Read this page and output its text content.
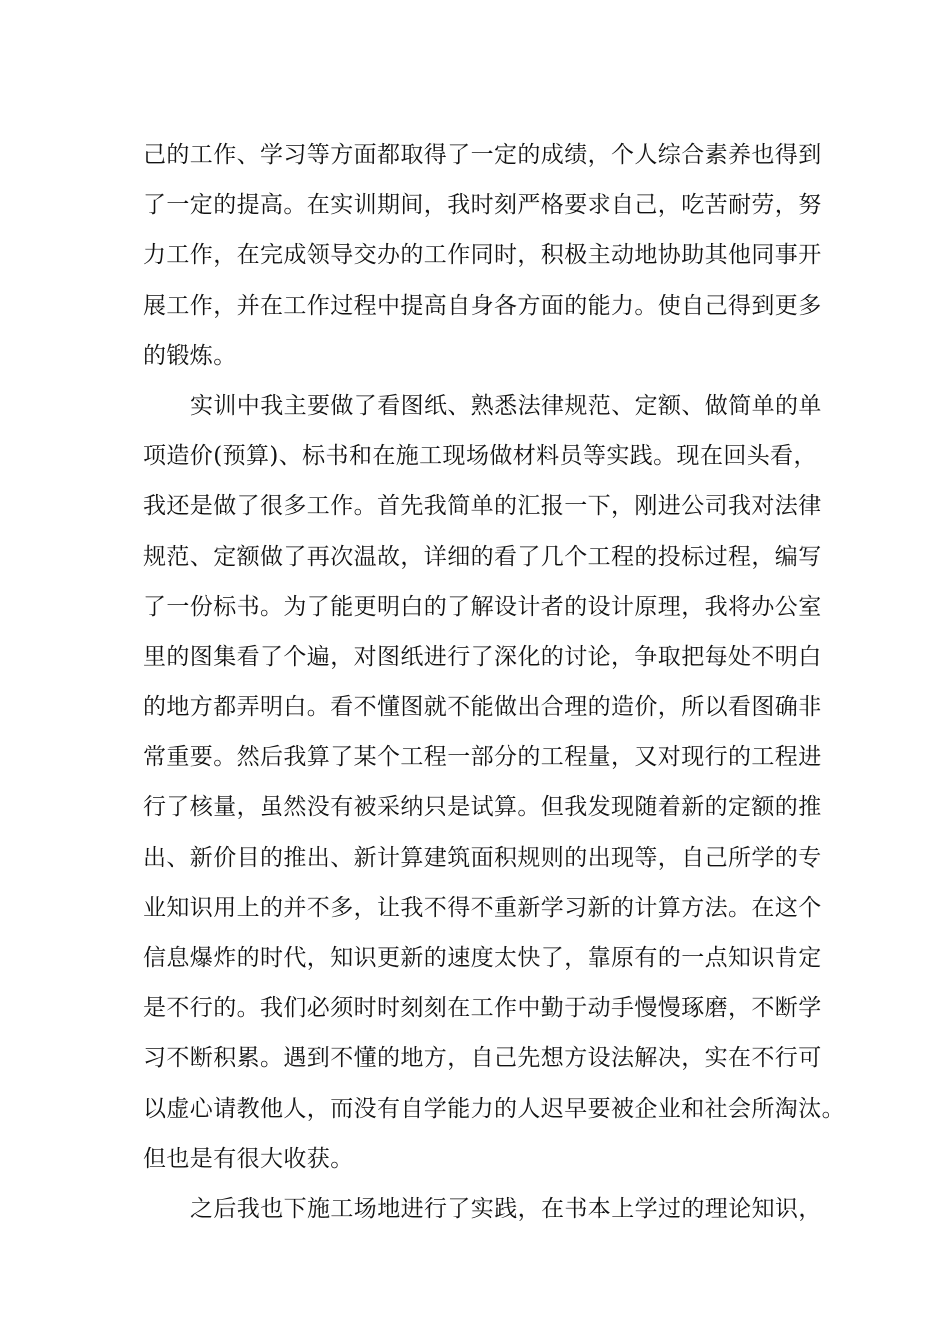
己的工作、学习等方面都取得了一定的成绩，个人综合素养也得到
了一定的提高。在实训期间，我时刻严格要求自己，吃苦耐劳，努
力工作，在完成领导交办的工作同时，积极主动地协助其他同事开
展工作，并在工作过程中提高自身各方面的能力。使自己得到更多
的锻炼。
实训中我主要做了看图纸、熟悉法律规范、定额、做简单的单
项造价(预算)、标书和在施工现场做材料员等实践。现在回头看，
我还是做了很多工作。首先我简单的汇报一下，刚进公司我对法律
规范、定额做了再次温故，详细的看了几个工程的投标过程，编写
了一份标书。为了能更明白的了解设计者的设计原理，我将办公室
里的图集看了个遍，对图纸进行了深化的讨论，争取把每处不明白
的地方都弄明白。看不懂图就不能做出合理的造价，所以看图确非
常重要。然后我算了某个工程一部分的工程量，又对现行的工程进
行了核量，虽然没有被采纳只是试算。但我发现随着新的定额的推
出、新价目的推出、新计算建筑面积规则的出现等，自己所学的专
业知识用上的并不多，让我不得不重新学习新的计算方法。在这个
信息爆炸的时代，知识更新的速度太快了，靠原有的一点知识肯定
是不行的。我们必须时时刻刻在工作中勤于动手慢慢琢磨，不断学
习不断积累。遇到不懂的地方，自己先想方设法解决，实在不行可
以虚心请教他人，而没有自学能力的人迟早要被企业和社会所淘汰。
但也是有很大收获。
之后我也下施工场地进行了实践，在书本上学过的理论知识，
